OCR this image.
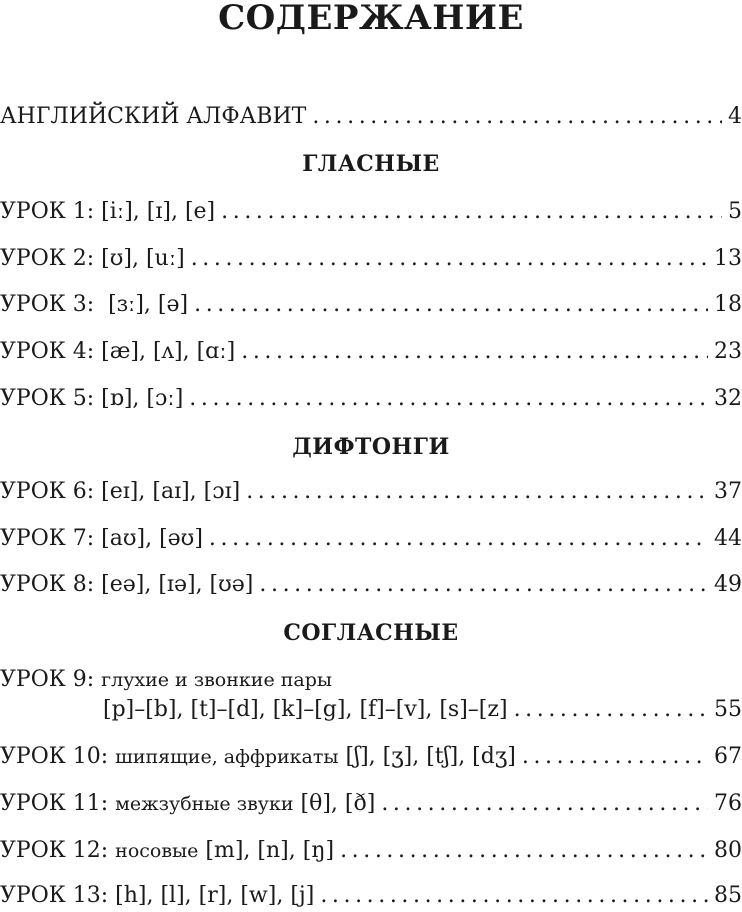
СОДЕРЖАНИЕ
АНГЛИЙСКИЙ АЛФАВИТ . . .	4
ГЛАСНЫЕ
УРОК 1: [iː], [ɪ], [e] . . .	5
УРОК 2: [ʊ], [uː] . . .	13
УРОК 3:  [ɜː], [ə] . . .	18
УРОК 4: [æ], [ʌ], [ɑː] . . .	23
УРОК 5: [ɒ], [ɔː] . . .	32
ДИФТОНГИ
УРОК 6: [eɪ], [aɪ], [ɔɪ] . . .	37
УРОК 7: [aʊ], [əʊ] . . .	44
УРОК 8: [eə], [ɪə], [ʊə] . . .	49
СОГЛАСНЫЕ
УРОК 9: глухие и звонкие пары
[p]–[b], [t]–[d], [k]–[g], [f]–[v], [s]–[z] . . .	55
УРОК 10: шипящие, аффрикаты [ʃ], [ʒ], [tʃ], [dʒ] . . .	67
УРОК 11: межзубные звуки [θ], [ð] . . .	76
УРОК 12: носовые [m], [n], [ŋ] . . .	80
УРОК 13: [h], [l], [r], [w], [j] . . .	85
